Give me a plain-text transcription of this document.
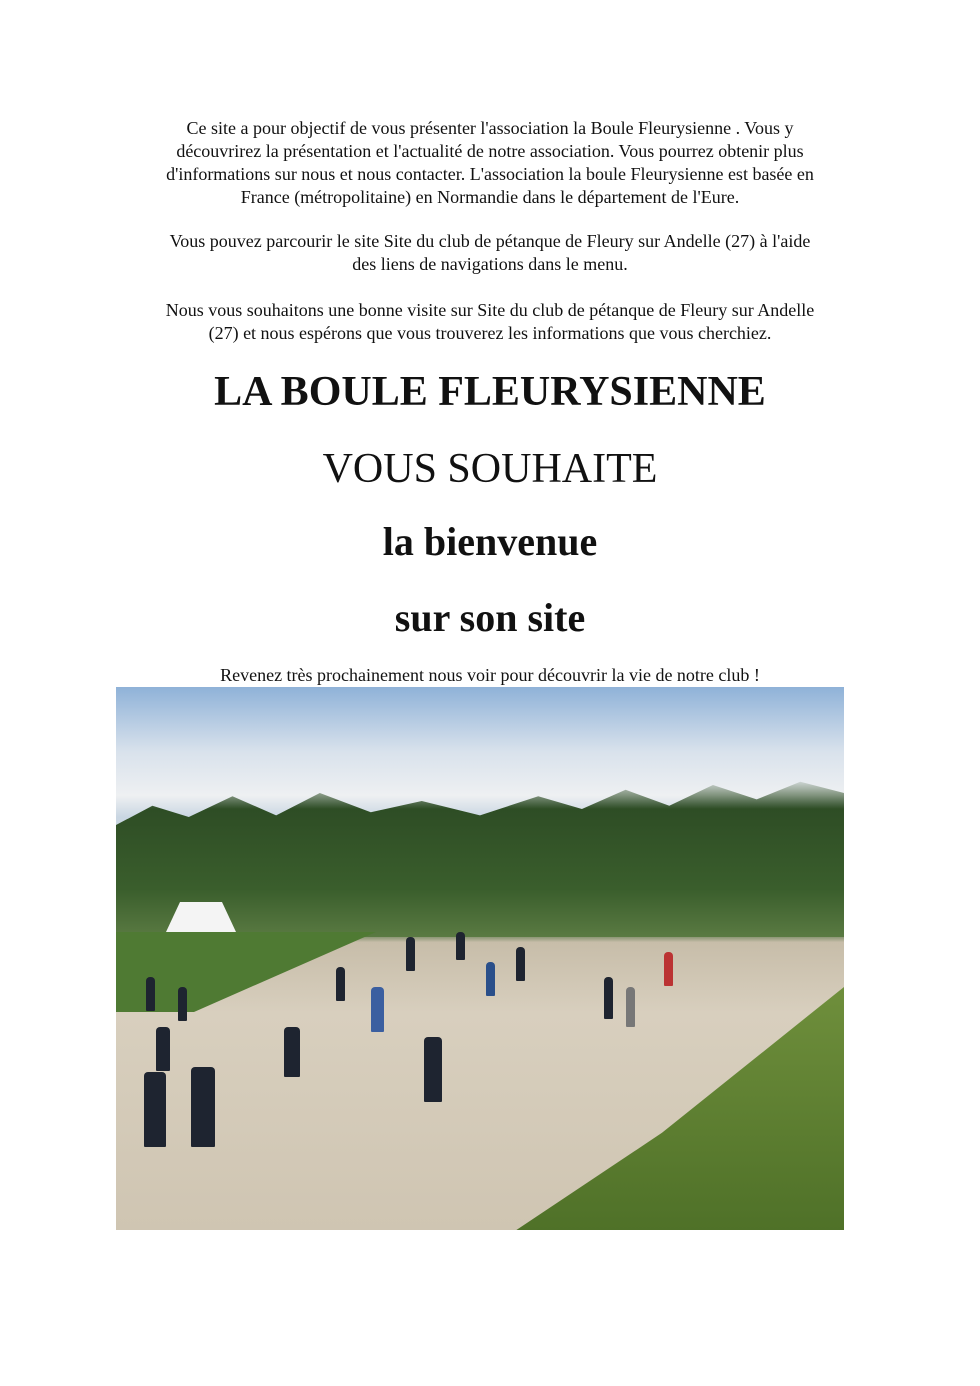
Ce site a pour objectif de vous présenter l'association la Boule Fleurysienne . Vous y
découvrirez la présentation et l'actualité de notre association. Vous pourrez obtenir plus
d'informations sur nous et nous contacter. L'association la boule Fleurysienne est basée en
France (métropolitaine) en Normandie dans le département de l'Eure.
Vous pouvez parcourir le site Site du club de pétanque de Fleury sur Andelle (27) à l'aide
des liens de navigations dans le menu.
Nous vous souhaitons une bonne visite sur Site du club de pétanque de Fleury sur Andelle
(27) et nous espérons que vous trouverez les informations que vous cherchiez.
LA BOULE FLEURYSIENNE
VOUS SOUHAITE
la bienvenue
sur son site
Revenez très prochainement nous voir pour découvrir la vie de notre club !
